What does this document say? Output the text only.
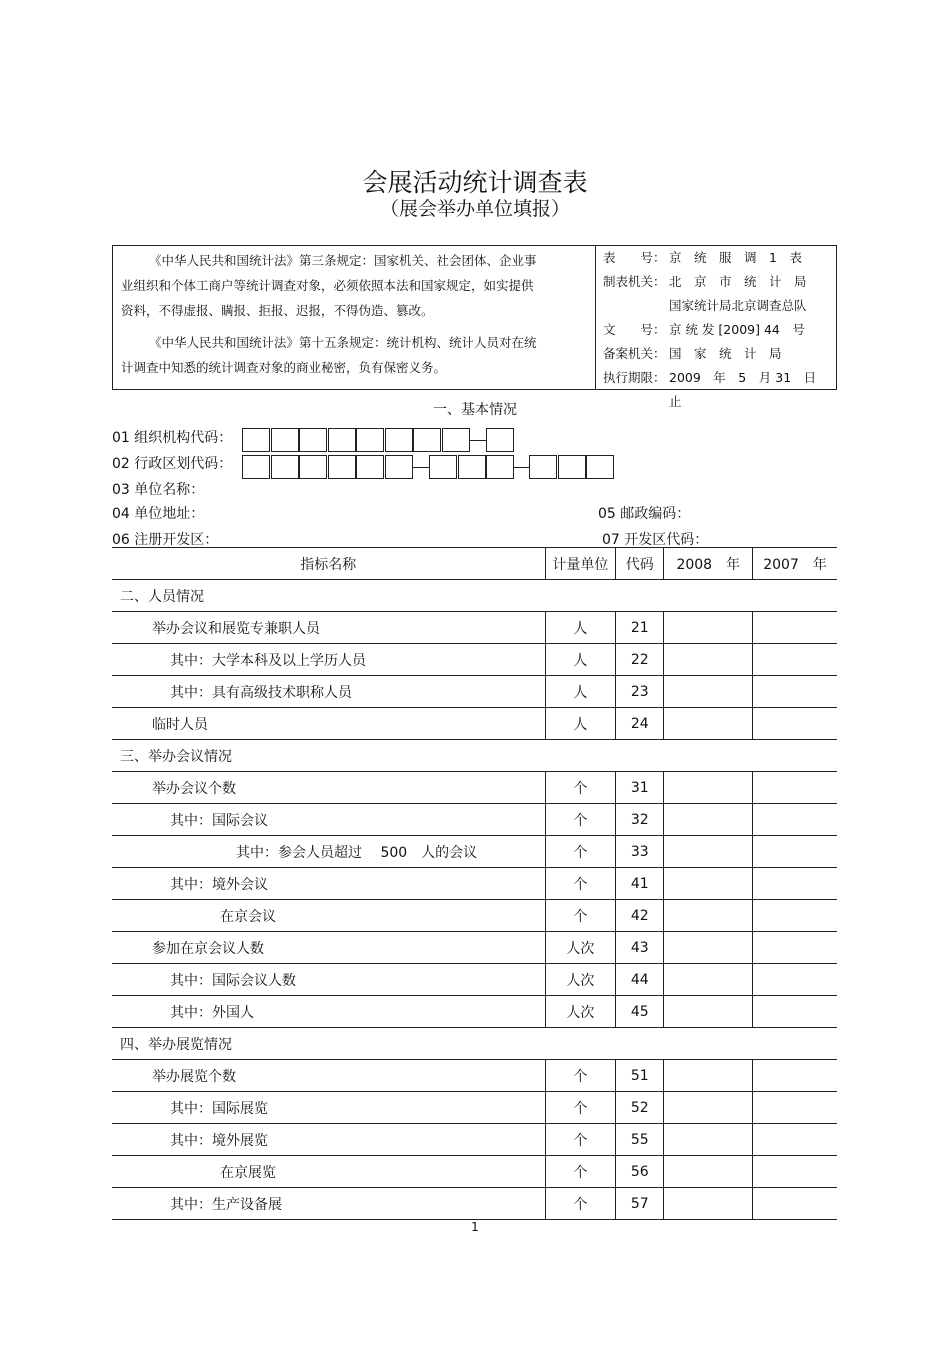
会展活动统计调查表
（展会举办单位填报）

《中华人民共和国统计法》第三条规定：国家机关、社会团体、企业事业组织和个体工商户等统计调查对象，必须依照本法和国家规定，如实提供资料，不得虚报、瞒报、拒报、迟报，不得伪造、篡改。

《中华人民共和国统计法》第十五条规定：统计机构、统计人员对在统计调查中知悉的统计调查对象的商业秘密，负有保密义务。

表　　号： 京　统　服　调　1　表
制表机关： 北　京　市　统　计　局
国家统计局北京调查总队
文　　号： 京 统 发 [2009] 44　号
备案机关： 国　家　统　计　局
执行期限： 2009　年　5　月 31　日 止
一、基本情况
01 组织机构代码：
02 行政区划代码：
03 单位名称：
04 单位地址：	05 邮政编码：
06 注册开发区：	07 开发区代码：
指标名称	计量单位	代码	2008　年	2007　年
二、人员情况				
举办会议和展览专兼职人员	人	21		
其中：大学本科及以上学历人员	人	22		
其中：具有高级技术职称人员	人	23		
临时人员	人	24		
三、举办会议情况				
举办会议个数	个	31		
其中：国际会议	个	32		
其中：参会人员超过　 500　人的会议	个	33		
其中：境外会议	个	41		
在京会议	个	42		
参加在京会议人数	人次	43		
其中：国际会议人数	人次	44		
其中：外国人	人次	45		
四、举办展览情况				
举办展览个数	个	51		
其中：国际展览	个	52		
其中：境外展览	个	55		
在京展览	个	56		
其中：生产设备展	个	57		
1
